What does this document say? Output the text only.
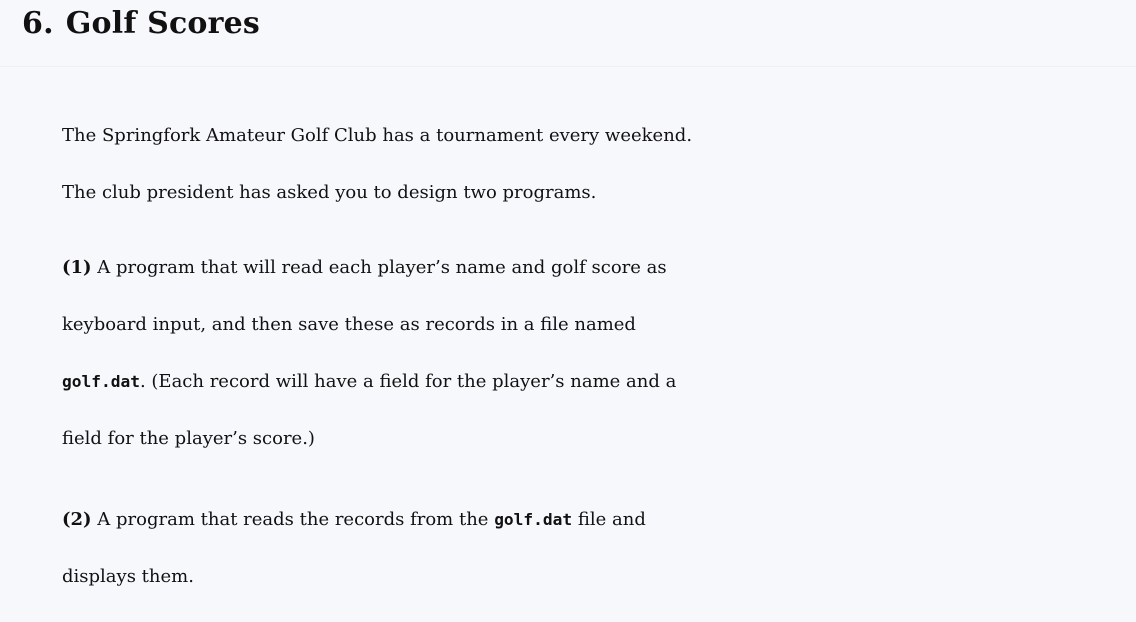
6. Golf Scores
The Springfork Amateur Golf Club has a tournament every weekend.
The club president has asked you to design two programs.
(1) A program that will read each player’s name and golf score as
keyboard input, and then save these as records in a file named
golf.dat. (Each record will have a field for the player’s name and a
field for the player’s score.)
(2) A program that reads the records from the golf.dat file and
displays them.
